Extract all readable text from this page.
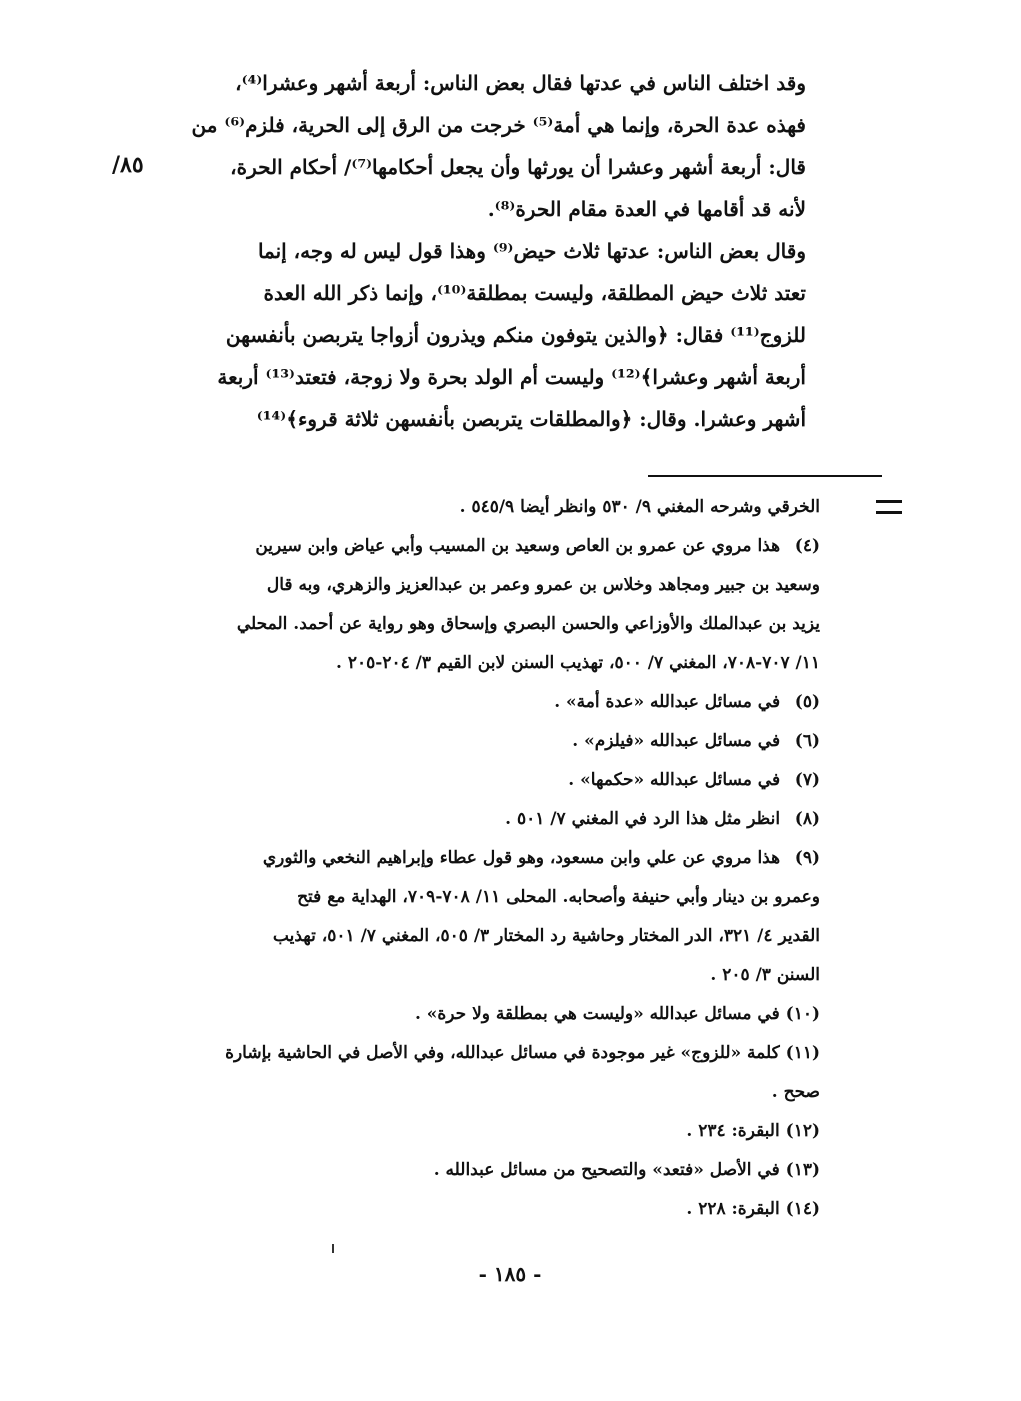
وقد اختلف الناس في عدتها فقال بعض الناس: أربعة أشهر وعشرا⁽⁴⁾،
فهذه عدة الحرة، وإنما هي أمة⁽⁵⁾ خرجت من الرق إلى الحرية، فلزم⁽⁶⁾ من
قال: أربعة أشهر وعشرا أن يورثها وأن يجعل أحكامها⁽⁷⁾/ أحكام الحرة،
لأنه قد أقامها في العدة مقام الحرة⁽⁸⁾.
وقال بعض الناس: عدتها ثلاث حيض⁽⁹⁾ وهذا قول ليس له وجه، إنما
تعتد ثلاث حيض المطلقة، وليست بمطلقة⁽¹⁰⁾، وإنما ذكر الله العدة
للزوج⁽¹¹⁾ فقال: ﴿والذين يتوفون منكم ويذرون أزواجا يتربصن بأنفسهن
أربعة أشهر وعشرا﴾⁽¹²⁾ وليست أم الولد بحرة ولا زوجة، فتعتد⁽¹³⁾ أربعة
أشهر وعشرا. وقال: ﴿والمطلقات يتربصن بأنفسهن ثلاثة قروء﴾⁽¹⁴⁾

٨٥/

الخرقي وشرحه المغني ٩/ ٥٣٠ وانظر أيضا ٥٤٥/٩ .

(٤) هذا مروي عن عمرو بن العاص وسعيد بن المسيب وأبي عياض وابن سيرين

وسعيد بن جبير ومجاهد وخلاس بن عمرو وعمر بن عبدالعزيز والزهري، وبه قال

يزيد بن عبدالملك والأوزاعي والحسن البصري وإسحاق وهو رواية عن أحمد. المحلي

١١/ ٧٠٧-٧٠٨، المغني ٧/ ٥٠٠، تهذيب السنن لابن القيم ٣/ ٢٠٤-٢٠٥ .

(٥) في مسائل عبدالله «عدة أمة» .

(٦) في مسائل عبدالله «فيلزم» .

(٧) في مسائل عبدالله «حكمها» .

(٨) انظر مثل هذا الرد في المغني ٧/ ٥٠١ .

(٩) هذا مروي عن علي وابن مسعود، وهو قول عطاء وإبراهيم النخعي والثوري

وعمرو بن دينار وأبي حنيفة وأصحابه. المحلى ١١/ ٧٠٨-٧٠٩، الهداية مع فتح

القدير ٤/ ٣٢١، الدر المختار وحاشية رد المختار ٣/ ٥٠٥، المغني ٧/ ٥٠١، تهذيب

السنن ٣/ ٢٠٥ .

(١٠) في مسائل عبدالله «وليست هي بمطلقة ولا حرة» .

(١١) كلمة «للزوج» غير موجودة في مسائل عبدالله، وفي الأصل في الحاشية بإشارة

صحح .

(١٢) البقرة: ٢٣٤ .

(١٣) في الأصل «فتعد» والتصحيح من مسائل عبدالله .

(١٤) البقرة: ٢٢٨ .

- ١٨٥ -
